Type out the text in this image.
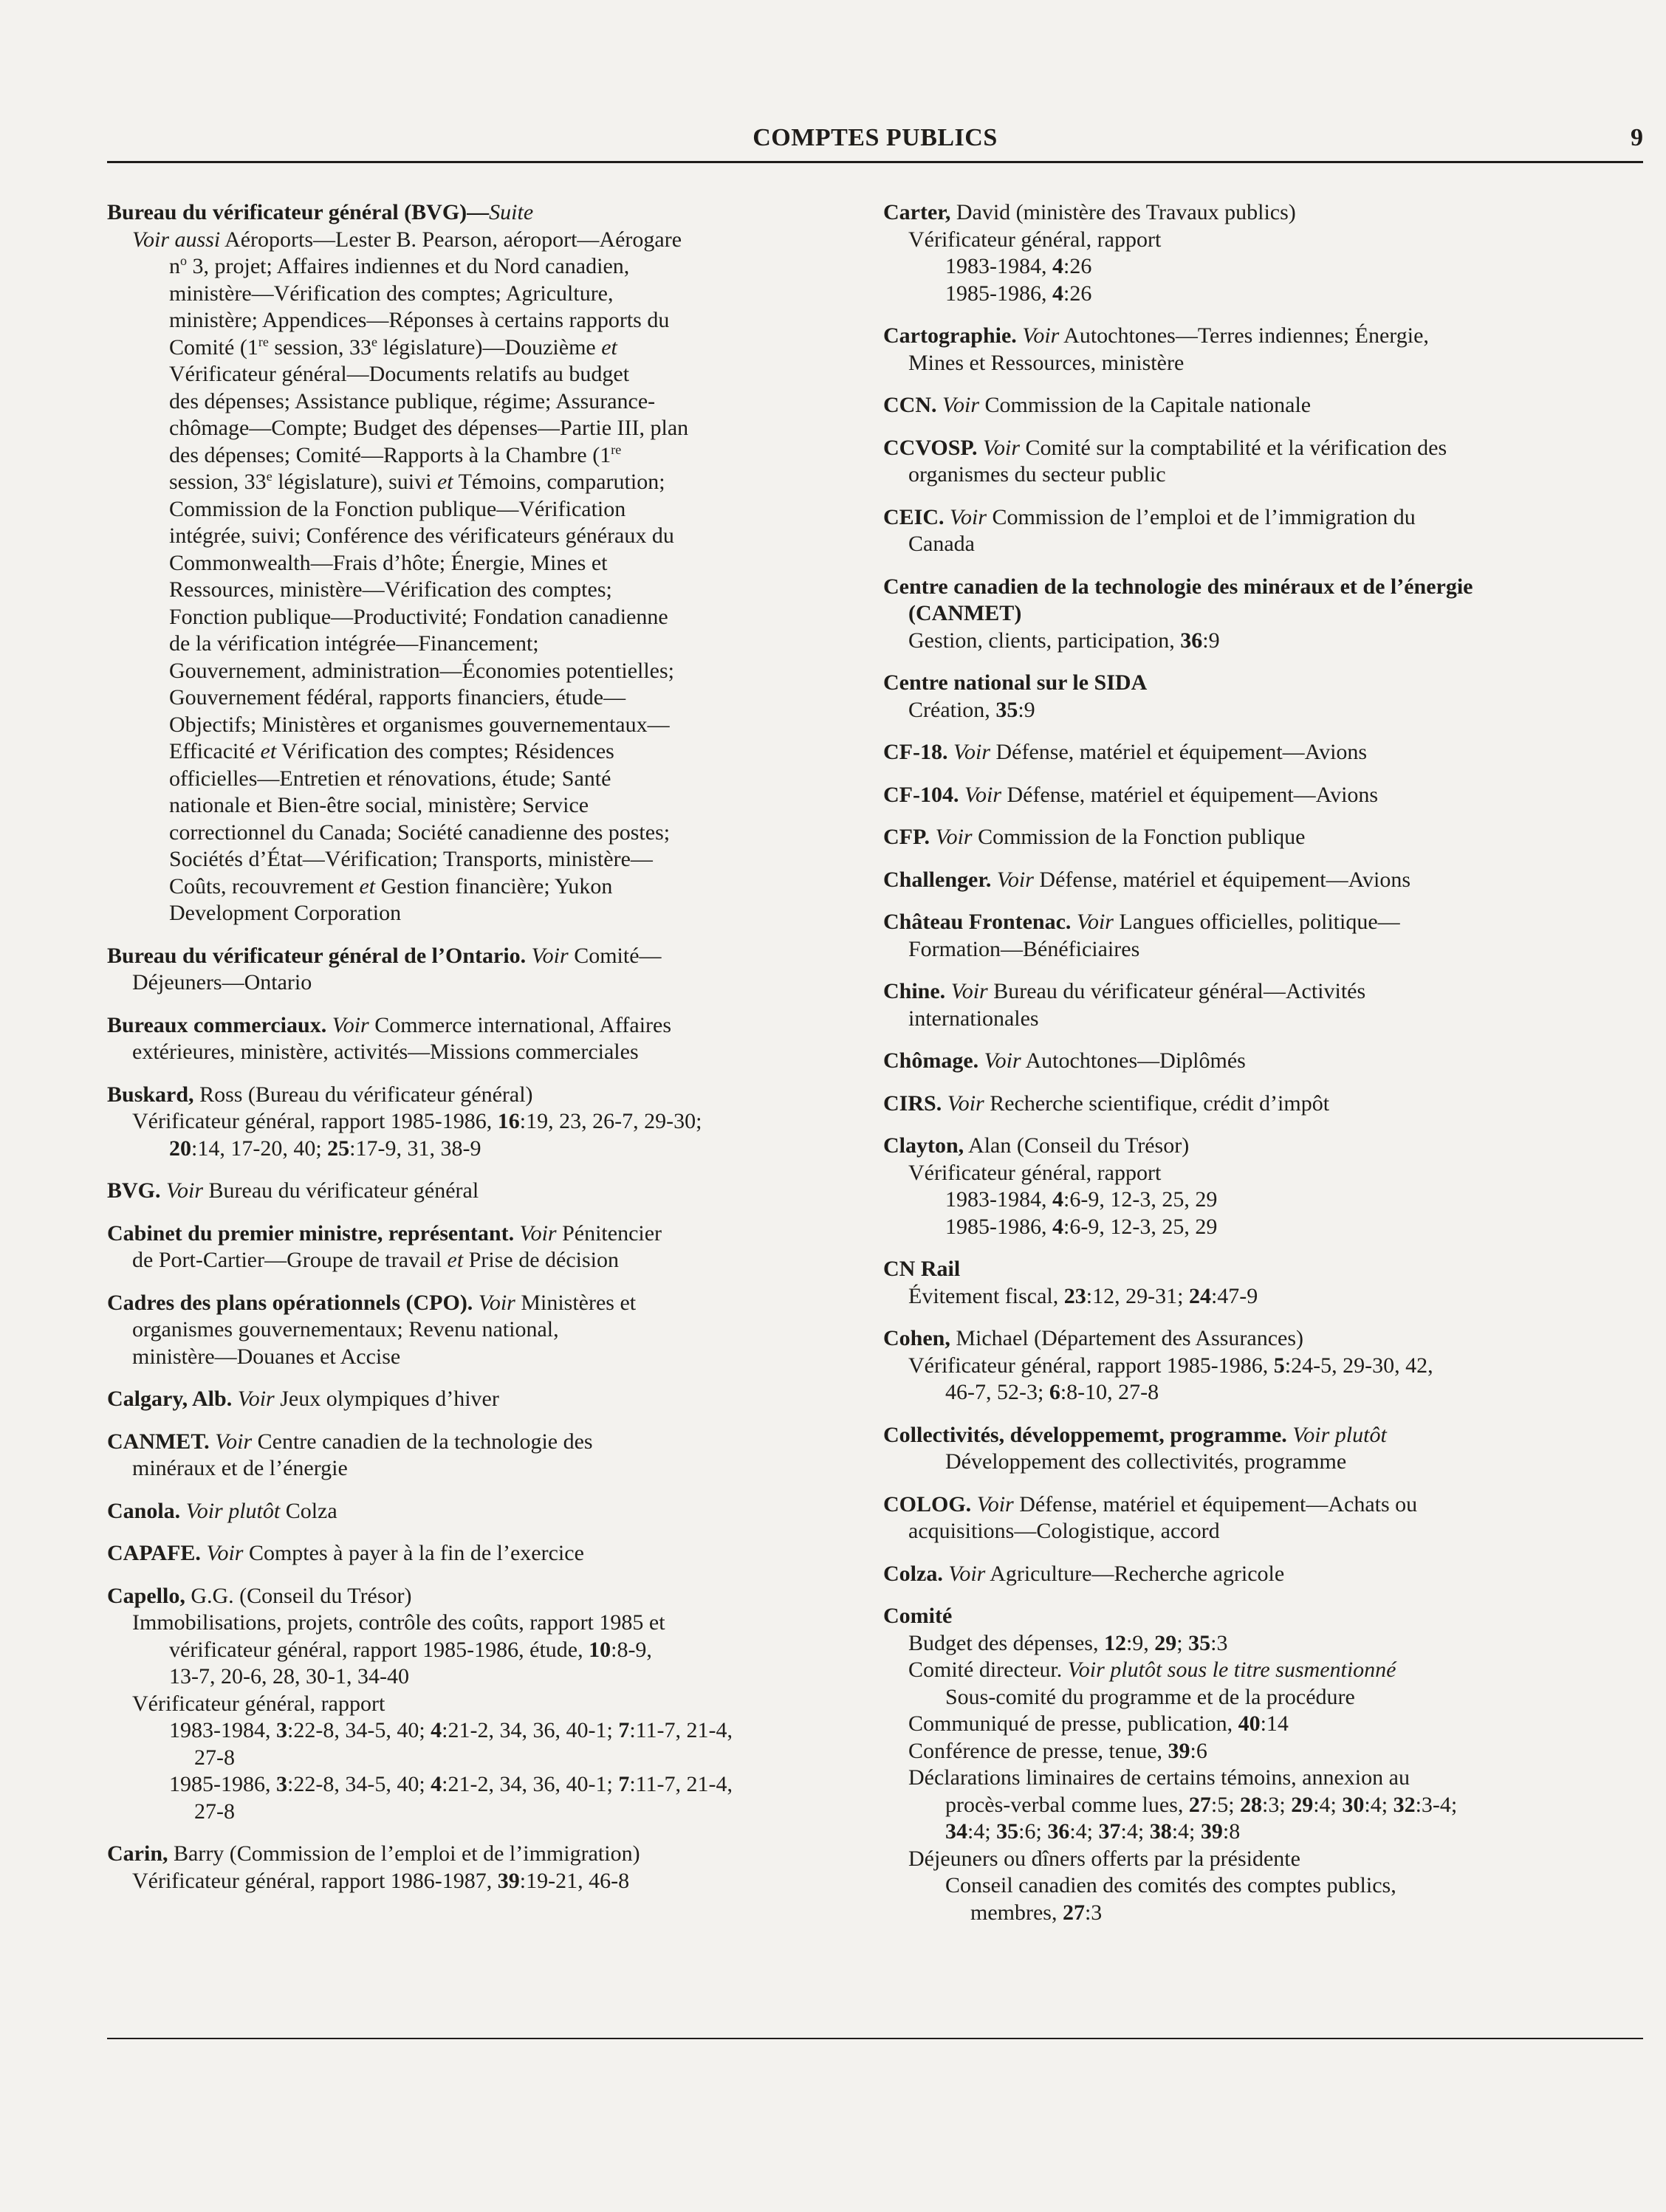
COMPTES PUBLICS	9
Bureau du vérificateur général (BVG)—Suite
Voir aussi Aéroports—Lester B. Pearson, aéroport—Aérogare
$n^o$ 3, projet; Affaires indiennes et du Nord canadien,
ministère—Vérification des comptes; Agriculture,
ministère; Appendices—Réponses à certains rapports du
Comité (1re session, 33e législature)—Douzième et
Vérificateur général—Documents relatifs au budget
des dépenses; Assistance publique, régime; Assurance-
chômage—Compte; Budget des dépenses—Partie III, plan
des dépenses; Comité—Rapports à la Chambre (1re
session, 33e législature), suivi et Témoins, comparution;
Commission de la Fonction publique—Vérification
intégrée, suivi; Conférence des vérificateurs généraux du
Commonwealth—Frais d’hôte; Énergie, Mines et
Ressources, ministère—Vérification des comptes;
Fonction publique—Productivité; Fondation canadienne
de la vérification intégrée—Financement;
Gouvernement, administration—Économies potentielles;
Gouvernement fédéral, rapports financiers, étude—
Objectifs; Ministères et organismes gouvernementaux—
Efficacité et Vérification des comptes; Résidences
officielles—Entretien et rénovations, étude; Santé
nationale et Bien-être social, ministère; Service
correctionnel du Canada; Société canadienne des postes;
Sociétés d’État—Vérification; Transports, ministère—
Coûts, recouvrement et Gestion financière; Yukon
Development Corporation
Bureau du vérificateur général de l’Ontario. Voir Comité—
Déjeuners—Ontario
Bureaux commerciaux. Voir Commerce international, Affaires
extérieures, ministère, activités—Missions commerciales
Buskard, Ross (Bureau du vérificateur général)
Vérificateur général, rapport 1985-1986, 16:19, 23, 26-7, 29-30;
20:14, 17-20, 40; 25:17-9, 31, 38-9
BVG. Voir Bureau du vérificateur général
Cabinet du premier ministre, représentant. Voir Pénitencier
de Port-Cartier—Groupe de travail et Prise de décision
Cadres des plans opérationnels (CPO). Voir Ministères et
organismes gouvernementaux; Revenu national,
ministère—Douanes et Accise
Calgary, Alb. Voir Jeux olympiques d’hiver
CANMET. Voir Centre canadien de la technologie des
minéraux et de l’énergie
Canola. Voir plutôt Colza
CAPAFE. Voir Comptes à payer à la fin de l’exercice
Capello, G.G. (Conseil du Trésor)
Immobilisations, projets, contrôle des coûts, rapport 1985 et
vérificateur général, rapport 1985-1986, étude, 10:8-9,
13-7, 20-6, 28, 30-1, 34-40
Vérificateur général, rapport
1983-1984, 3:22-8, 34-5, 40; 4:21-2, 34, 36, 40-1; 7:11-7, 21-4,
27-8
1985-1986, 3:22-8, 34-5, 40; 4:21-2, 34, 36, 40-1; 7:11-7, 21-4,
27-8
Carin, Barry (Commission de l’emploi et de l’immigration)
Vérificateur général, rapport 1986-1987, 39:19-21, 46-8
Carter, David (ministère des Travaux publics)
Vérificateur général, rapport
1983-1984, 4:26
1985-1986, 4:26
Cartographie. Voir Autochtones—Terres indiennes; Énergie,
Mines et Ressources, ministère
CCN. Voir Commission de la Capitale nationale
CCVOSP. Voir Comité sur la comptabilité et la vérification des
organismes du secteur public
CEIC. Voir Commission de l’emploi et de l’immigration du
Canada
Centre canadien de la technologie des minéraux et de l’énergie
(CANMET)
Gestion, clients, participation, 36:9
Centre national sur le SIDA
Création, 35:9
CF-18. Voir Défense, matériel et équipement—Avions
CF-104. Voir Défense, matériel et équipement—Avions
CFP. Voir Commission de la Fonction publique
Challenger. Voir Défense, matériel et équipement—Avions
Château Frontenac. Voir Langues officielles, politique—
Formation—Bénéficiaires
Chine. Voir Bureau du vérificateur général—Activités
internationales
Chômage. Voir Autochtones—Diplômés
CIRS. Voir Recherche scientifique, crédit d’impôt
Clayton, Alan (Conseil du Trésor)
Vérificateur général, rapport
1983-1984, 4:6-9, 12-3, 25, 29
1985-1986, 4:6-9, 12-3, 25, 29
CN Rail
Évitement fiscal, 23:12, 29-31; 24:47-9
Cohen, Michael (Département des Assurances)
Vérificateur général, rapport 1985-1986, 5:24-5, 29-30, 42,
46-7, 52-3; 6:8-10, 27-8
Collectivités, développememt, programme. Voir plutôt
Développement des collectivités, programme
COLOG. Voir Défense, matériel et équipement—Achats ou
acquisitions—Cologistique, accord
Colza. Voir Agriculture—Recherche agricole
Comité
Budget des dépenses, 12:9, 29; 35:3
Comité directeur. Voir plutôt sous le titre susmentionné
Sous-comité du programme et de la procédure
Communiqué de presse, publication, 40:14
Conférence de presse, tenue, 39:6
Déclarations liminaires de certains témoins, annexion au
procès-verbal comme lues, 27:5; 28:3; 29:4; 30:4; 32:3-4;
34:4; 35:6; 36:4; 37:4; 38:4; 39:8
Déjeuners ou dîners offerts par la présidente
Conseil canadien des comités des comptes publics,
membres, 27:3
